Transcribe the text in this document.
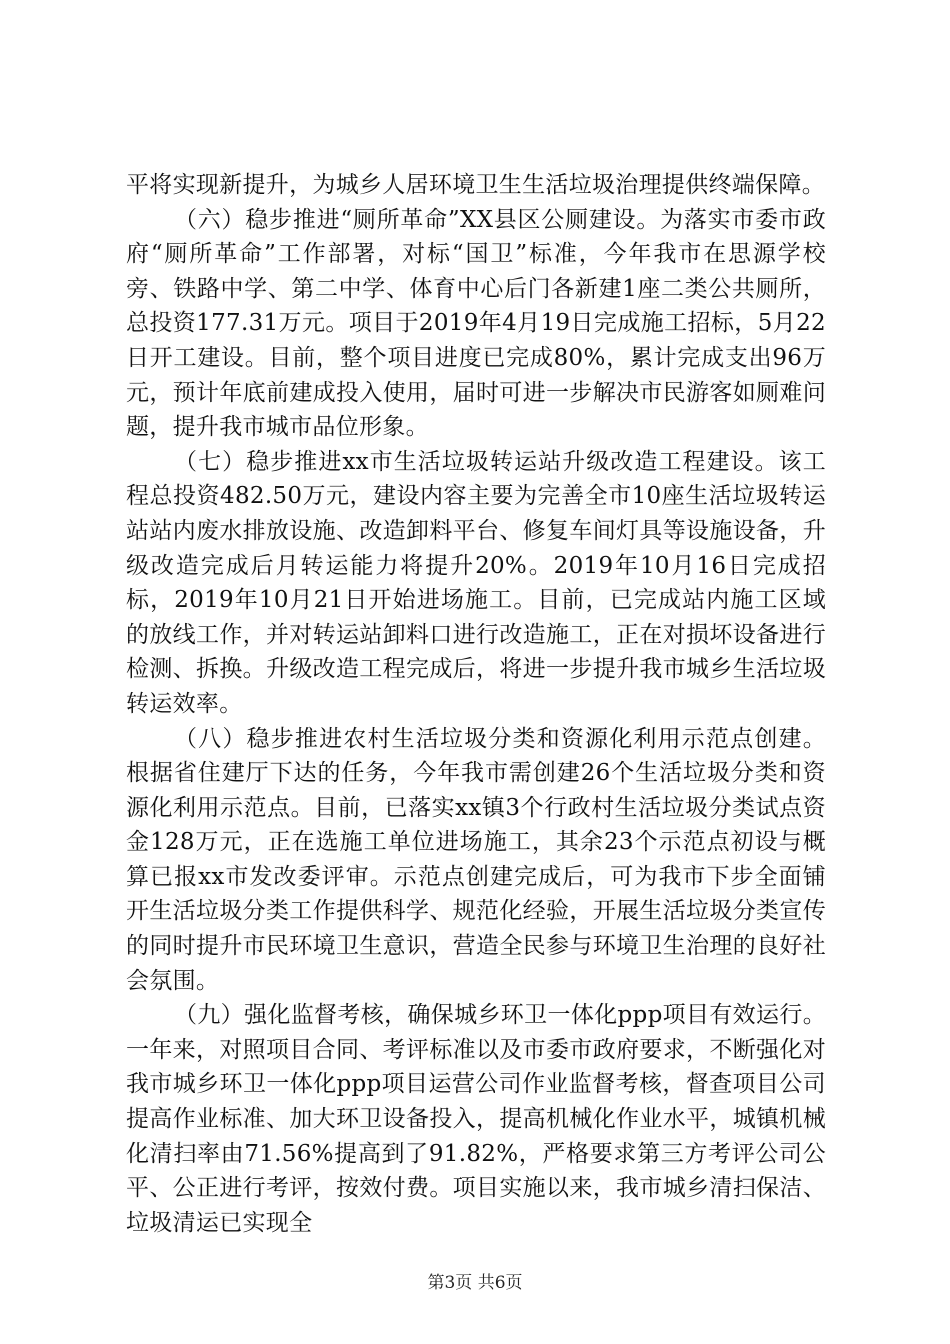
平将实现新提升，为城乡人居环境卫生生活垃圾治理提供终端保障。

（六）稳步推进“厕所革命”XX县区公厕建设。为落实市委市政府“厕所革命”工作部署，对标“国卫”标准，今年我市在思源学校旁、铁路中学、第二中学、体育中心后门各新建1座二类公共厕所，总投资177.31万元。项目于2019年4月19日完成施工招标，5月22日开工建设。目前，整个项目进度已完成80%，累计完成支出96万元，预计年底前建成投入使用，届时可进一步解决市民游客如厕难问题，提升我市城市品位形象。

（七）稳步推进xx市生活垃圾转运站升级改造工程建设。该工程总投资482.50万元，建设内容主要为完善全市10座生活垃圾转运站站内废水排放设施、改造卸料平台、修复车间灯具等设施设备，升级改造完成后月转运能力将提升20%。2019年10月16日完成招标，2019年10月21日开始进场施工。目前，已完成站内施工区域的放线工作，并对转运站卸料口进行改造施工，正在对损坏设备进行检测、拆换。升级改造工程完成后，将进一步提升我市城乡生活垃圾转运效率。

（八）稳步推进农村生活垃圾分类和资源化利用示范点创建。根据省住建厅下达的任务，今年我市需创建26个生活垃圾分类和资源化利用示范点。目前，已落实xx镇3个行政村生活垃圾分类试点资金128万元，正在选施工单位进场施工，其余23个示范点初设与概算已报xx市发改委评审。示范点创建完成后，可为我市下步全面铺开生活垃圾分类工作提供科学、规范化经验，开展生活垃圾分类宣传的同时提升市民环境卫生意识，营造全民参与环境卫生治理的良好社会氛围。

（九）强化监督考核，确保城乡环卫一体化ppp项目有效运行。一年来，对照项目合同、考评标准以及市委市政府要求，不断强化对我市城乡环卫一体化ppp项目运营公司作业监督考核，督查项目公司提高作业标准、加大环卫设备投入，提高机械化作业水平，城镇机械化清扫率由71.56%提高到了91.82%，严格要求第三方考评公司公平、公正进行考评，按效付费。项目实施以来，我市城乡清扫保洁、垃圾清运已实现全

第3页 共6页
